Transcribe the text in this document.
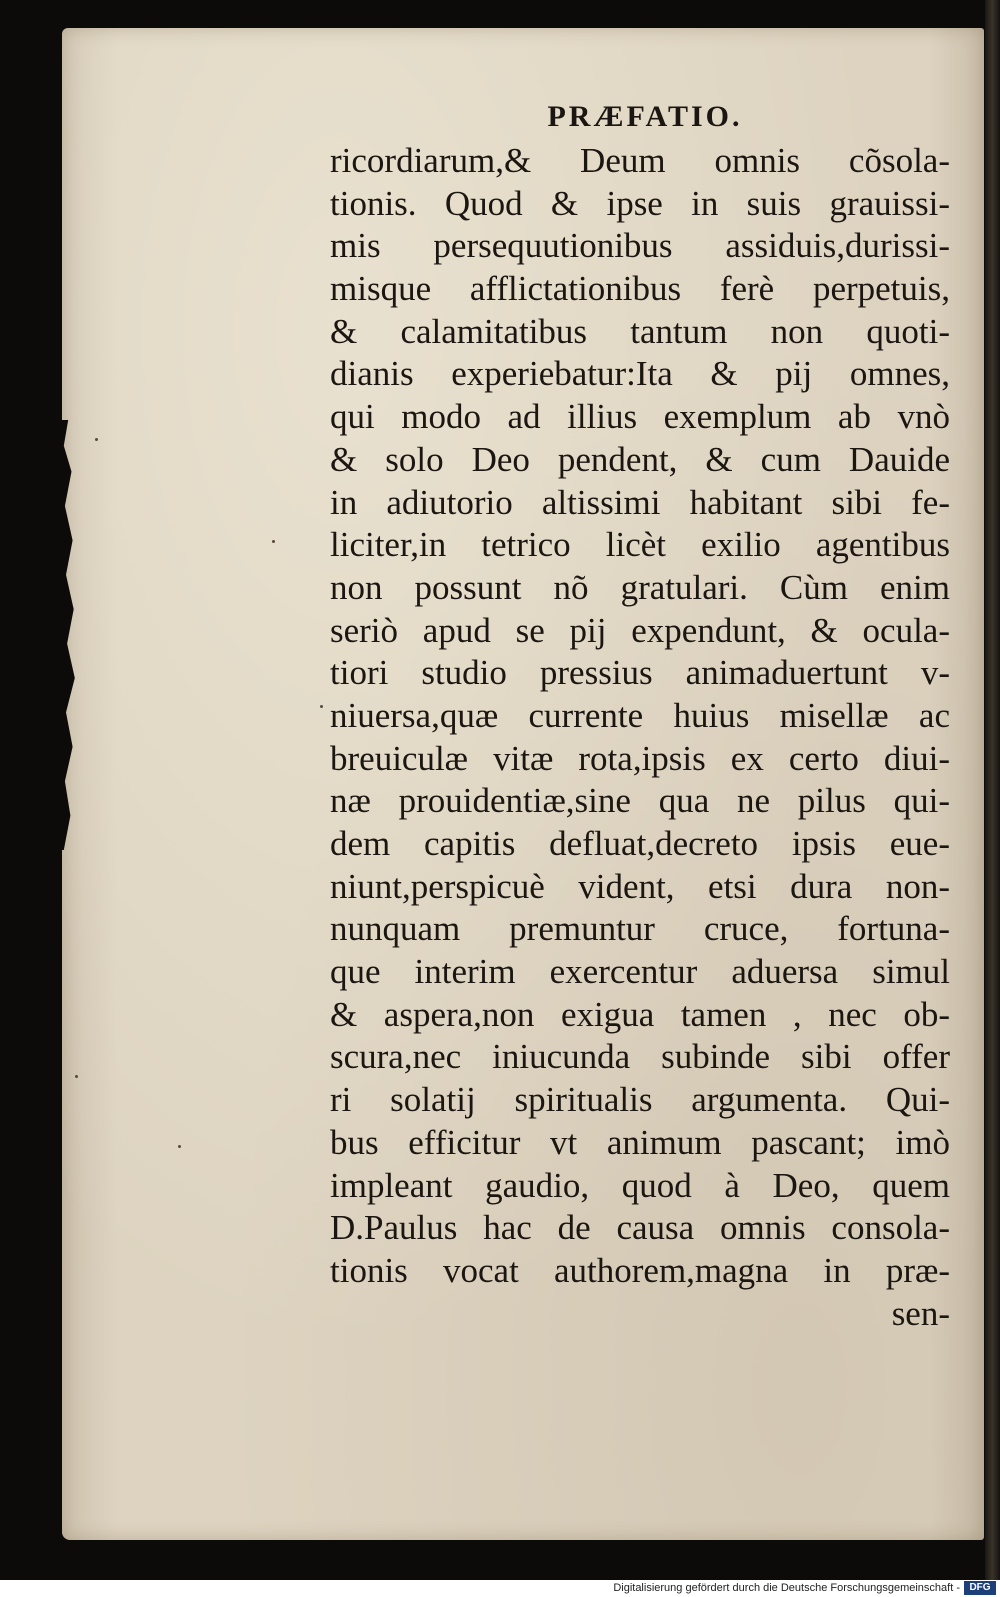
PRÆFATIO.
ricordiarum,& Deum omnis cõsola-
tionis. Quod & ipse in suis grauissi-
mis persequutionibus assiduis,durissi-
misque afflictationibus ferè perpetuis,
& calamitatibus tantum non quoti-
dianis experiebatur:Ita & pij omnes,
qui modo ad illius exemplum ab vnò
& solo Deo pendent, & cum Dauide
in adiutorio altissimi habitant sibi fe-
liciter,in tetrico licèt exilio agentibus
non possunt nõ gratulari. Cùm enim
seriò apud se pij expendunt, & ocula-
tiori studio pressius animaduertunt v-
niuersa,quæ currente huius misellæ ac
breuiculæ vitæ rota,ipsis ex certo diui-
næ prouidentiæ,sine qua ne pilus qui-
dem capitis defluat,decreto ipsis eue-
niunt,perspicuè vident, etsi dura non-
nunquam premuntur cruce, fortuna-
que interim exercentur aduersa simul
& aspera,non exigua tamen , nec ob-
scura,nec iniucunda subinde sibi offer
ri solatij spiritualis argumenta. Qui-
bus efficitur vt animum pascant; imò
impleant gaudio, quod à Deo, quem
D.Paulus hac de causa omnis consola-
tionis vocat authorem,magna in præ-
sen-
Digitalisierung gefördert durch die Deutsche Forschungsgemeinschaft - DFG
